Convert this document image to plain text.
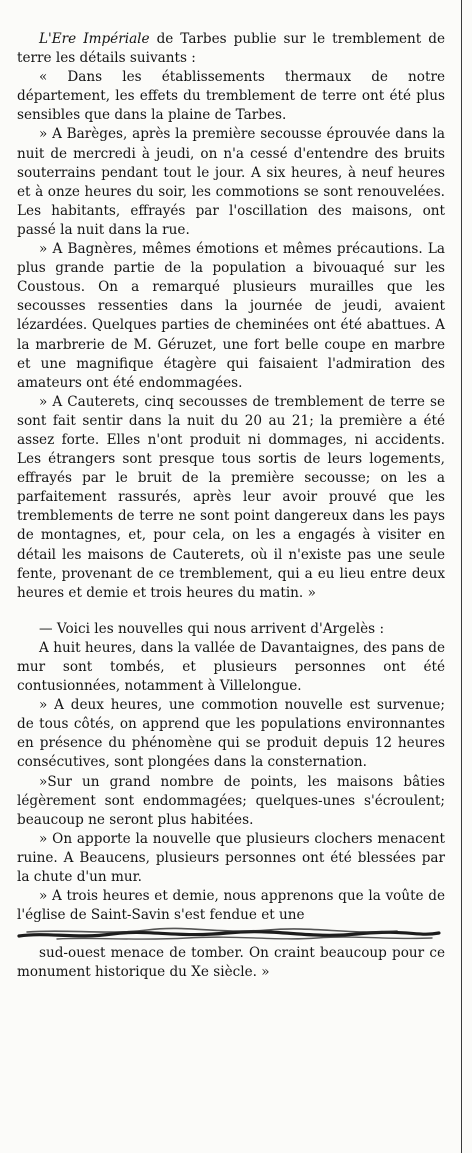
L'Ere Impériale de Tarbes publie sur le tremblement de terre les détails suivants :

« Dans les établissements thermaux de notre département, les effets du tremblement de terre ont été plus sensibles que dans la plaine de Tarbes.

» A Barèges, après la première secousse éprouvée dans la nuit de mercredi à jeudi, on n'a cessé d'entendre des bruits souterrains pendant tout le jour. A six heures, à neuf heures et à onze heures du soir, les commotions se sont renouvelées. Les habitants, effrayés par l'oscillation des maisons, ont passé la nuit dans la rue.

» A Bagnères, mêmes émotions et mêmes précautions. La plus grande partie de la population a bivouaqué sur les Coustous. On a remarqué plusieurs murailles que les secousses ressenties dans la journée de jeudi, avaient lézardées. Quelques parties de cheminées ont été abattues. A la marbrerie de M. Géruzet, une fort belle coupe en marbre et une magnifique étagère qui faisaient l'admiration des amateurs ont été endommagées.

» A Cauterets, cinq secousses de tremblement de terre se sont fait sentir dans la nuit du 20 au 21; la première a été assez forte. Elles n'ont produit ni dommages, ni accidents. Les étrangers sont presque tous sortis de leurs logements, effrayés par le bruit de la première secousse; on les a parfaitement rassurés, après leur avoir prouvé que les tremblements de terre ne sont point dangereux dans les pays de montagnes, et, pour cela, on les a engagés à visiter en détail les maisons de Cauterets, où il n'existe pas une seule fente, provenant de ce tremblement, qui a eu lieu entre deux heures et demie et trois heures du matin. »

— Voici les nouvelles qui nous arrivent d'Argelès :

A huit heures, dans la vallée de Davantaignes, des pans de mur sont tombés, et plusieurs personnes ont été contusionnées, notamment à Villelongue.

» A deux heures, une commotion nouvelle est survenue; de tous côtés, on apprend que les populations environnantes en présence du phénomène qui se produit depuis 12 heures consécutives, sont plongées dans la consternation.

»Sur un grand nombre de points, les maisons bâties légèrement sont endommagées; quelques-unes s'écroulent; beaucoup ne seront plus habitées.

» On apporte la nouvelle que plusieurs clochers menacent ruine. A Beaucens, plusieurs personnes ont été blessées par la chute d'un mur.

» A trois heures et demie, nous apprenons que la voûte de l'église de Saint-Savin s'est fendue et une

sud-ouest menace de tomber. On craint beaucoup pour ce monument historique du Xe siècle. »
